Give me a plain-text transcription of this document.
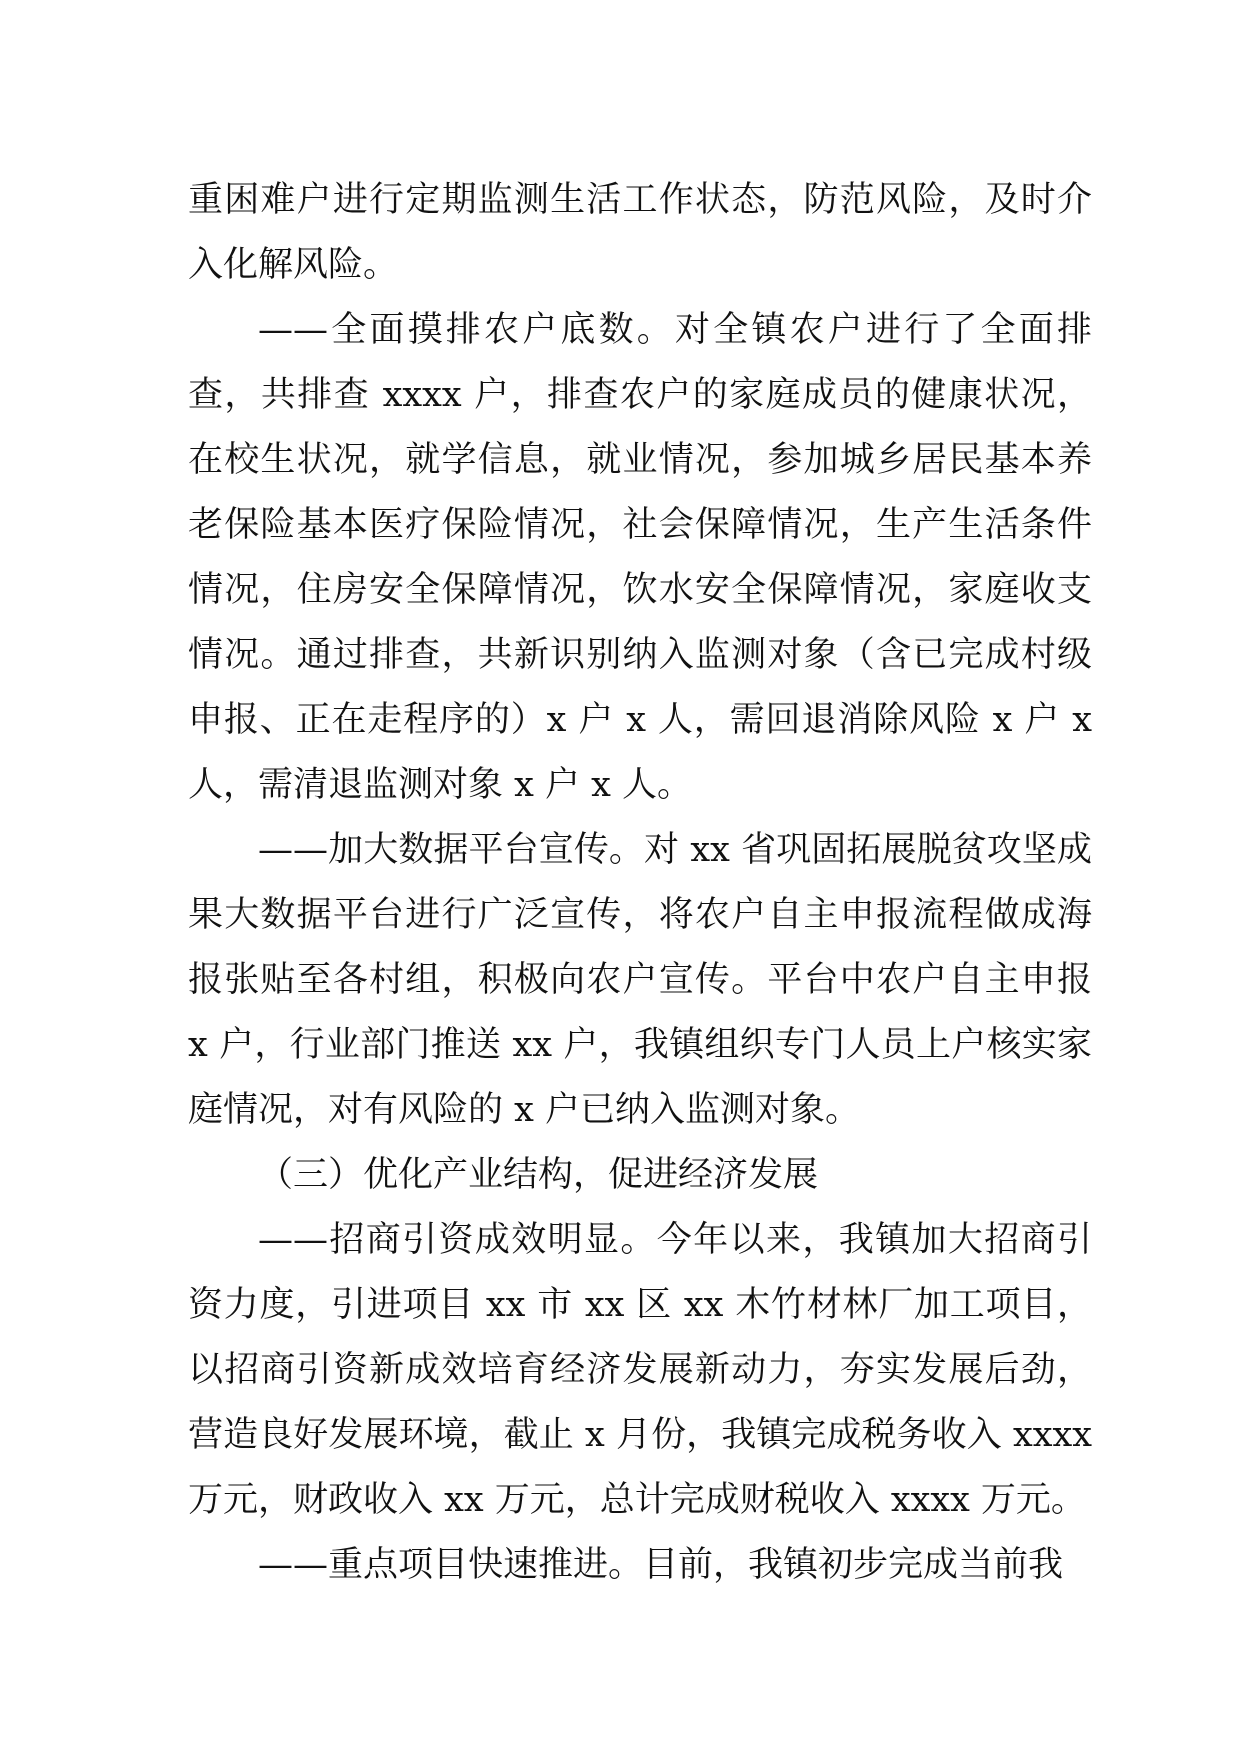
重困难户进行定期监测生活工作状态，防范风险，及时介入化解风险。

——全面摸排农户底数。对全镇农户进行了全面排查，共排查 xxxx 户，排查农户的家庭成员的健康状况，在校生状况，就学信息，就业情况，参加城乡居民基本养老保险基本医疗保险情况，社会保障情况，生产生活条件情况，住房安全保障情况，饮水安全保障情况，家庭收支情况。通过排查，共新识别纳入监测对象（含已完成村级申报、正在走程序的）x 户 x 人，需回退消除风险 x 户 x 人，需清退监测对象 x 户 x 人。

——加大数据平台宣传。对 xx 省巩固拓展脱贫攻坚成果大数据平台进行广泛宣传，将农户自主申报流程做成海报张贴至各村组，积极向农户宣传。平台中农户自主申报 x 户，行业部门推送 xx 户，我镇组织专门人员上户核实家庭情况，对有风险的 x 户已纳入监测对象。

（三）优化产业结构，促进经济发展

——招商引资成效明显。今年以来，我镇加大招商引资力度，引进项目 xx 市 xx 区 xx 木竹材林厂加工项目，以招商引资新成效培育经济发展新动力，夯实发展后劲，营造良好发展环境，截止 x 月份，我镇完成税务收入 xxxx 万元，财政收入 xx 万元，总计完成财税收入 xxxx 万元。

——重点项目快速推进。目前，我镇初步完成当前我
